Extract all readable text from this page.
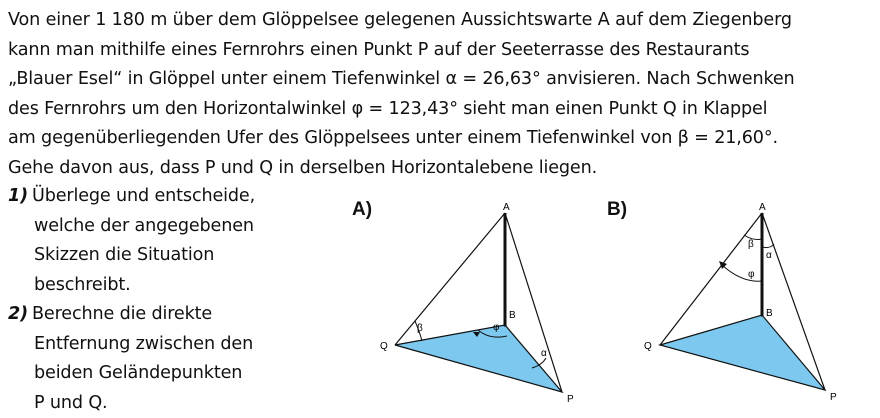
Von einer 1 180 m über dem Glöppelsee gelegenen Aussichtswarte A auf dem Ziegenberg

kann man mithilfe eines Fernrohrs einen Punkt P auf der Seeterrasse des Restaurants

„Blauer Esel“ in Glöppel unter einem Tiefenwinkel α = 26,63° anvisieren. Nach Schwenken

des Fernrohrs um den Horizontalwinkel φ = 123,43° sieht man einen Punkt Q in Klappel

am gegenüberliegenden Ufer des Glöppelsees unter einem Tiefenwinkel von β = 21,60°.

Gehe davon aus, dass P und Q in derselben Horizontalebene liegen.

1) Überlege und entscheide,

welche der angegebenen

Skizzen die Situation

beschreibt.

2) Berechne die direkte

Entfernung zwischen den

beiden Geländepunkten

P und Q.

A)	B)
A
B
Q
P
β	φ
α
A
B
Q
P
β
α
φ
